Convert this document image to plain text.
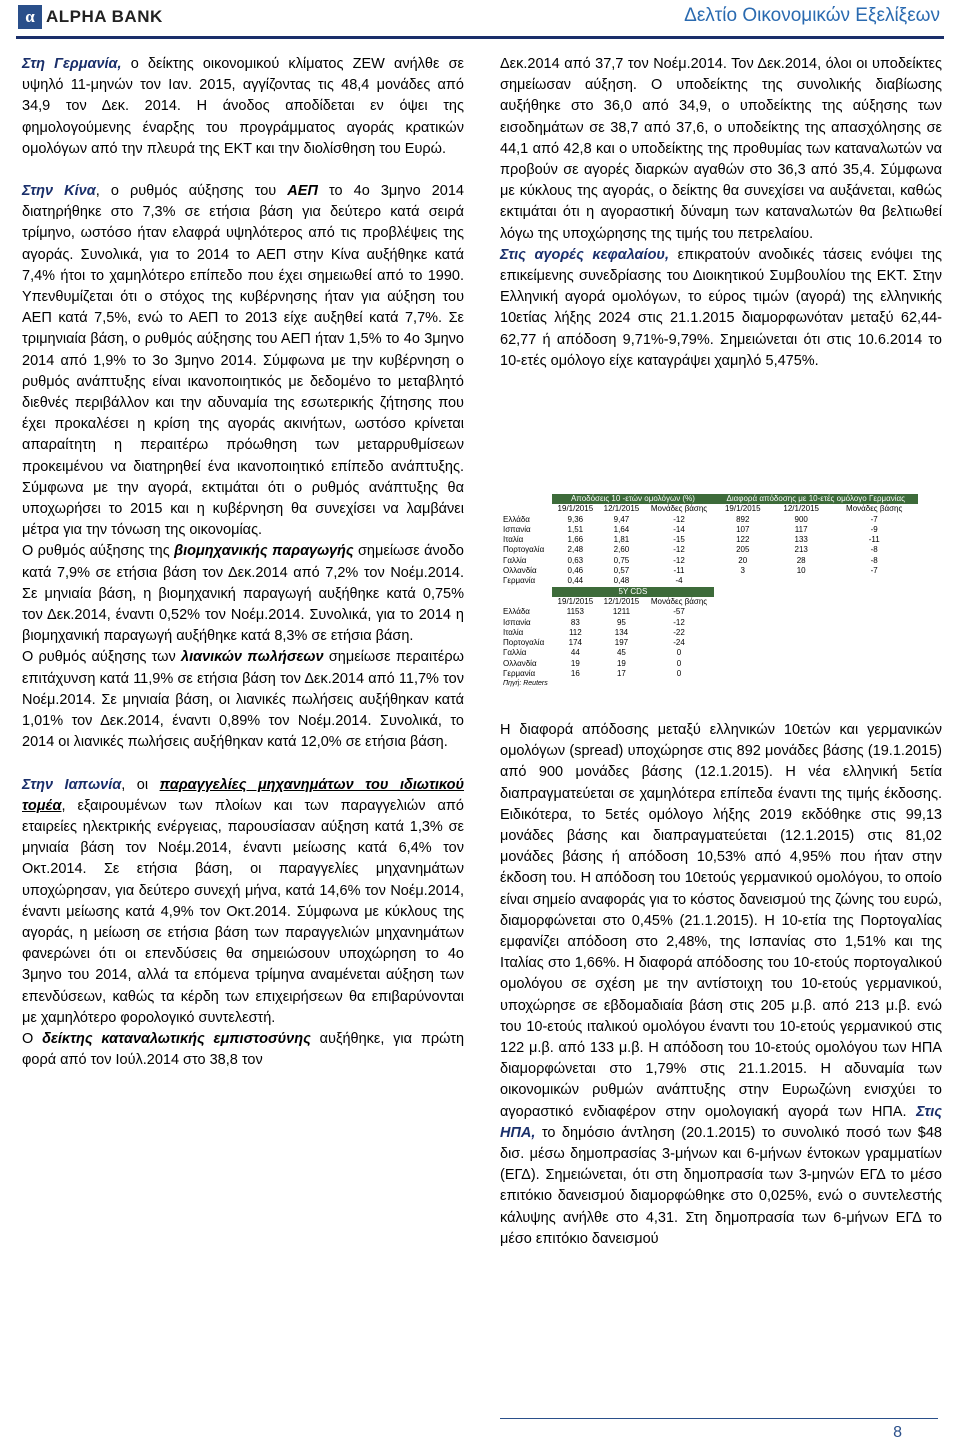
α ALPHA BANK	Δελτίο Οικονομικών Εξελίξεων

Στη Γερμανία, ο δείκτης οικονομικού κλίματος ZEW ανήλθε σε υψηλό 11-μηνών τον Ιαν. 2015, αγγίζοντας τις 48,4 μονάδες από 34,9 τον Δεκ. 2014. Η άνοδος αποδίδεται εν όψει της φημολογούμενης έναρξης του προγράμματος αγοράς κρατικών ομολόγων από την πλευρά της ΕΚΤ και την διολίσθηση του Ευρώ.

Στην Κίνα, ο ρυθμός αύξησης του ΑΕΠ το 4ο 3μηνο 2014 διατηρήθηκε στο 7,3% σε ετήσια βάση για δεύτερο κατά σειρά τρίμηνο, ωστόσο ήταν ελαφρά υψηλότερος από τις προβλέψεις της αγοράς. Συνολικά, για το 2014 το ΑΕΠ στην Κίνα αυξήθηκε κατά 7,4% ήτοι το χαμηλότερο επίπεδο που έχει σημειωθεί από το 1990. Υπενθυμίζεται ότι ο στόχος της κυβέρνησης ήταν για αύξηση του ΑΕΠ κατά 7,5%, ενώ το ΑΕΠ το 2013 είχε αυξηθεί κατά 7,7%. Σε τριμηνιαία βάση, ο ρυθμός αύξησης του ΑΕΠ ήταν 1,5% το 4ο 3μηνο 2014 από 1,9% το 3ο 3μηνο 2014. Σύμφωνα με την κυβέρνηση ο ρυθμός ανάπτυξης είναι ικανοποιητικός με δεδομένο το μεταβλητό διεθνές περιβάλλον και την αδυναμία της εσωτερικής ζήτησης που έχει προκαλέσει η κρίση της αγοράς ακινήτων, ωστόσο κρίνεται απαραίτητη η περαιτέρω πρόωθηση των μεταρρυθμίσεων προκειμένου να διατηρηθεί ένα ικανοποιητικό επίπεδο ανάπτυξης. Σύμφωνα με την αγορά, εκτιμάται ότι ο ρυθμός ανάπτυξης θα υποχωρήσει το 2015 και η κυβέρνηση θα συνεχίσει να λαμβάνει μέτρα για την τόνωση της οικονομίας.

Ο ρυθμός αύξησης της βιομηχανικής παραγωγής σημείωσε άνοδο κατά 7,9% σε ετήσια βάση τον Δεκ.2014 από 7,2% τον Νοέμ.2014. Σε μηνιαία βάση, η βιομηχανική παραγωγή αυξήθηκε κατά 0,75% τον Δεκ.2014, έναντι 0,52% τον Νοέμ.2014. Συνολικά, για το 2014 η βιομηχανική παραγωγή αυξήθηκε κατά 8,3% σε ετήσια βάση.

Ο ρυθμός αύξησης των λιανικών πωλήσεων σημείωσε περαιτέρω επιτάχυνση κατά 11,9% σε ετήσια βάση τον Δεκ.2014 από 11,7% τον Νοέμ.2014. Σε μηνιαία βάση, οι λιανικές πωλήσεις αυξήθηκαν κατά 1,01% τον Δεκ.2014, έναντι 0,89% τον Νοέμ.2014. Συνολικά, το 2014 οι λιανικές πωλήσεις αυξήθηκαν κατά 12,0% σε ετήσια βάση.

Στην Ιαπωνία, οι παραγγελίες μηχανημάτων του ιδιωτικού τομέα, εξαιρουμένων των πλοίων και των παραγγελιών από εταιρείες ηλεκτρικής ενέργειας, παρουσίασαν αύξηση κατά 1,3% σε μηνιαία βάση τον Νοέμ.2014, έναντι μείωσης κατά 6,4% τον Οκτ.2014. Σε ετήσια βάση, οι παραγγελίες μηχανημάτων υποχώρησαν, για δεύτερο συνεχή μήνα, κατά 14,6% τον Νοέμ.2014, έναντι μείωσης κατά 4,9% τον Οκτ.2014. Σύμφωνα με κύκλους της αγοράς, η μείωση σε ετήσια βάση των παραγγελιών μηχανημάτων φανερώνει ότι οι επενδύσεις θα σημειώσουν υποχώρηση το 4ο 3μηνο του 2014, αλλά τα επόμενα τρίμηνα αναμένεται αύξηση των επενδύσεων, καθώς τα κέρδη των επιχειρήσεων θα επιβαρύνονται με χαμηλότερο φορολογικό συντελεστή.

Ο δείκτης καταναλωτικής εμπιστοσύνης αυξήθηκε, για πρώτη φορά από τον Ιούλ.2014 στο 38,8 τον

Δεκ.2014 από 37,7 τον Νοέμ.2014. Τον Δεκ.2014, όλοι οι υποδείκτες σημείωσαν αύξηση. Ο υποδείκτης της συνολικής διαβίωσης αυξήθηκε στο 36,0 από 34,9, ο υποδείκτης της αύξησης των εισοδημάτων σε 38,7 από 37,6, ο υποδείκτης της απασχόλησης σε 44,1 από 42,8 και ο υποδείκτης της προθυμίας των καταναλωτών να προβούν σε αγορές διαρκών αγαθών στο 36,3 από 35,4. Σύμφωνα με κύκλους της αγοράς, ο δείκτης θα συνεχίσει να αυξάνεται, καθώς εκτιμάται ότι η αγοραστική δύναμη των καταναλωτών θα βελτιωθεί λόγω της υποχώρησης της τιμής του πετρελαίου.

Στις αγορές κεφαλαίου, επικρατούν ανοδικές τάσεις ενόψει της επικείμενης συνεδρίασης του Διοικητικού Συμβουλίου της ΕΚΤ. Στην Ελληνική αγορά ομολόγων, το εύρος τιμών (αγορά) της ελληνικής 10ετίας λήξης 2024 στις 21.1.2015 διαμορφωνόταν μεταξύ 62,44-62,77 ή απόδοση 9,71%-9,79%. Σημειώνεται ότι στις 10.6.2014 το 10-ετές ομόλογο είχε καταγράψει χαμηλό 5,475%.

	Αποδόσεις 10 -ετών ομολόγων (%)			Διαφορά απόδοσης με 10-ετές ομόλογο Γερμανίας		
	19/1/2015	12/1/2015	Μονάδες βάσης	19/1/2015	12/1/2015	Μονάδες βάσης
Ελλάδα	9,36	9,47	-12	892	900	-7
Ισπανία	1,51	1,64	-14	107	117	-9
Ιταλία	1,66	1,81	-15	122	133	-11
Πορτογαλία	2,48	2,60	-12	205	213	-8
Γαλλία	0,63	0,75	-12	20	28	-8
Ολλανδία	0,46	0,57	-11	3	10	-7
Γερμανία	0,44	0,48	-4			
	5Y CDS					
	19/1/2015	12/1/2015	Μονάδες βάσης			
Ελλάδα	1153	1211	-57			
Ισπανία	83	95	-12			
Ιταλία	112	134	-22			
Πορτογαλία	174	197	-24			
Γαλλία	44	45	0			
Ολλανδία	19	19	0			
Γερμανία	16	17	0			
Πηγή: Reuters						
Η διαφορά απόδοσης μεταξύ ελληνικών 10ετών και γερμανικών ομολόγων (spread) υποχώρησε στις 892 μονάδες βάσης (19.1.2015) από 900 μονάδες βάσης (12.1.2015). Η νέα ελληνική 5ετία διαπραγματεύεται σε χαμηλότερα επίπεδα έναντι της τιμής έκδοσης. Ειδικότερα, το 5ετές ομόλογο λήξης 2019 εκδόθηκε στις 99,13 μονάδες βάσης και διαπραγματεύεται (12.1.2015) στις 81,02 μονάδες βάσης ή απόδοση 10,53% από 4,95% που ήταν στην έκδοση του. Η απόδοση του 10ετούς γερμανικού ομολόγου, το οποίο είναι σημείο αναφοράς για το κόστος δανεισμού της ζώνης του ευρώ, διαμορφώνεται στο 0,45% (21.1.2015). Η 10-ετία της Πορτογαλίας εμφανίζει απόδοση στο 2,48%, της Ισπανίας στο 1,51% και της Ιταλίας στο 1,66%. Η διαφορά απόδοσης του 10-ετούς πορτογαλικού ομολόγου σε σχέση με την αντίστοιχη του 10-ετούς γερμανικού, υποχώρησε σε εβδομαδιαία βάση στις 205 μ.β. από 213 μ.β. ενώ του 10-ετούς ιταλικού ομολόγου έναντι του 10-ετούς γερμανικού στις 122 μ.β. από 133 μ.β. Η απόδοση του 10-ετούς ομολόγου των ΗΠΑ διαμορφώνεται στο 1,79% στις 21.1.2015. Η αδυναμία των οικονομικών ρυθμών ανάπτυξης στην Ευρωζώνη ενισχύει το αγοραστικό ενδιαφέρον στην ομολογιακή αγορά των ΗΠΑ. Στις ΗΠΑ, το δημόσιο άντληση (20.1.2015) το συνολικό ποσό των $48 δισ. μέσω δημοπρασίας 3-μήνων και 6-μήνων έντοκων γραμματίων (ΕΓΔ). Σημειώνεται, ότι στη δημοπρασία των 3-μηνών ΕΓΔ το μέσο επιτόκιο δανεισμού διαμορφώθηκε στο 0,025%, ενώ ο συντελεστής κάλυψης ανήλθε στο 4,31. Στη δημοπρασία των 6-μήνων ΕΓΔ το μέσο επιτόκιο δανεισμού
8
